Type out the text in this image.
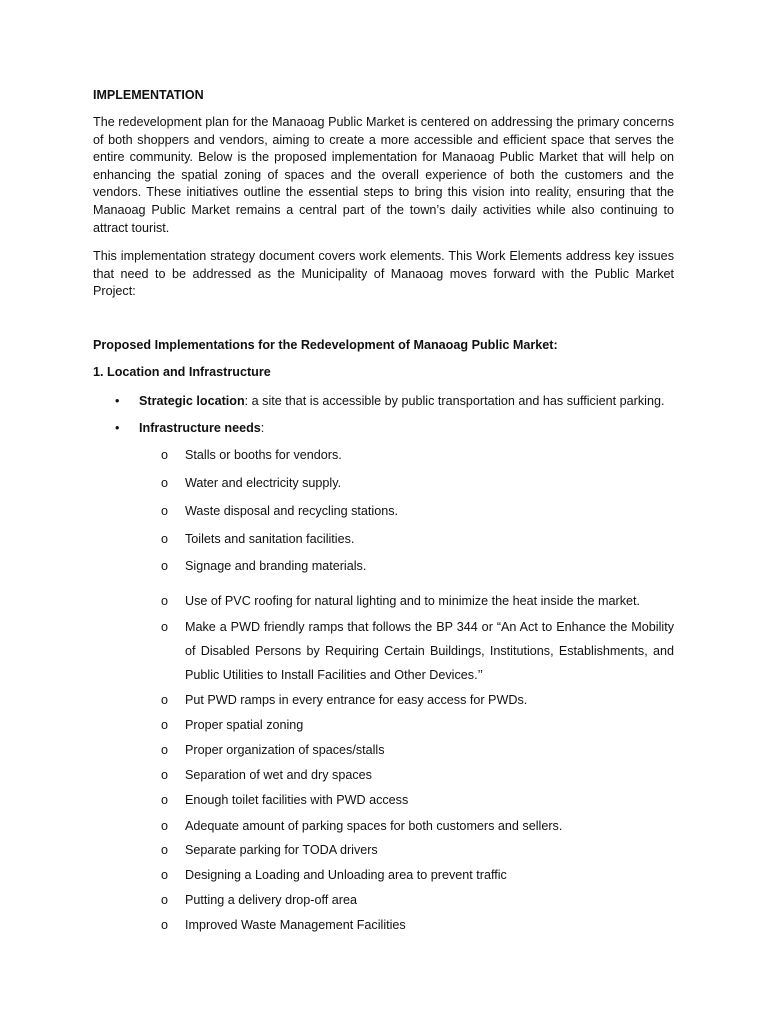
IMPLEMENTATION

The redevelopment plan for the Manaoag Public Market is centered on addressing the primary concerns of both shoppers and vendors, aiming to create a more accessible and efficient space that serves the entire community. Below is the proposed implementation for Manaoag Public Market that will help on enhancing the spatial zoning of spaces and the overall experience of both the customers and the vendors. These initiatives outline the essential steps to bring this vision into reality, ensuring that the Manaoag Public Market remains a central part of the town’s daily activities while also continuing to attract tourist.

This implementation strategy document covers work elements. This Work Elements address key issues that need to be addressed as the Municipality of Manaoag moves forward with the Public Market Project:

Proposed Implementations for the Redevelopment of Manaoag Public Market:

1. Location and Infrastructure

• Strategic location: a site that is accessible by public transportation and has sufficient parking.
• Infrastructure needs:
o Stalls or booths for vendors.
o Water and electricity supply.
o Waste disposal and recycling stations.
o Toilets and sanitation facilities.
o Signage and branding materials.
o Use of PVC roofing for natural lighting and to minimize the heat inside the market.
o Make a PWD friendly ramps that follows the BP 344 or “An Act to Enhance the Mobility of Disabled Persons by Requiring Certain Buildings, Institutions, Establishments, and Public Utilities to Install Facilities and Other Devices.’’
o Put PWD ramps in every entrance for easy access for PWDs.
o Proper spatial zoning
o Proper organization of spaces/stalls
o Separation of wet and dry spaces
o Enough toilet facilities with PWD access
o Adequate amount of parking spaces for both customers and sellers.
o Separate parking for TODA drivers
o Designing a Loading and Unloading area to prevent traffic
o Putting a delivery drop-off area
o Improved Waste Management Facilities
